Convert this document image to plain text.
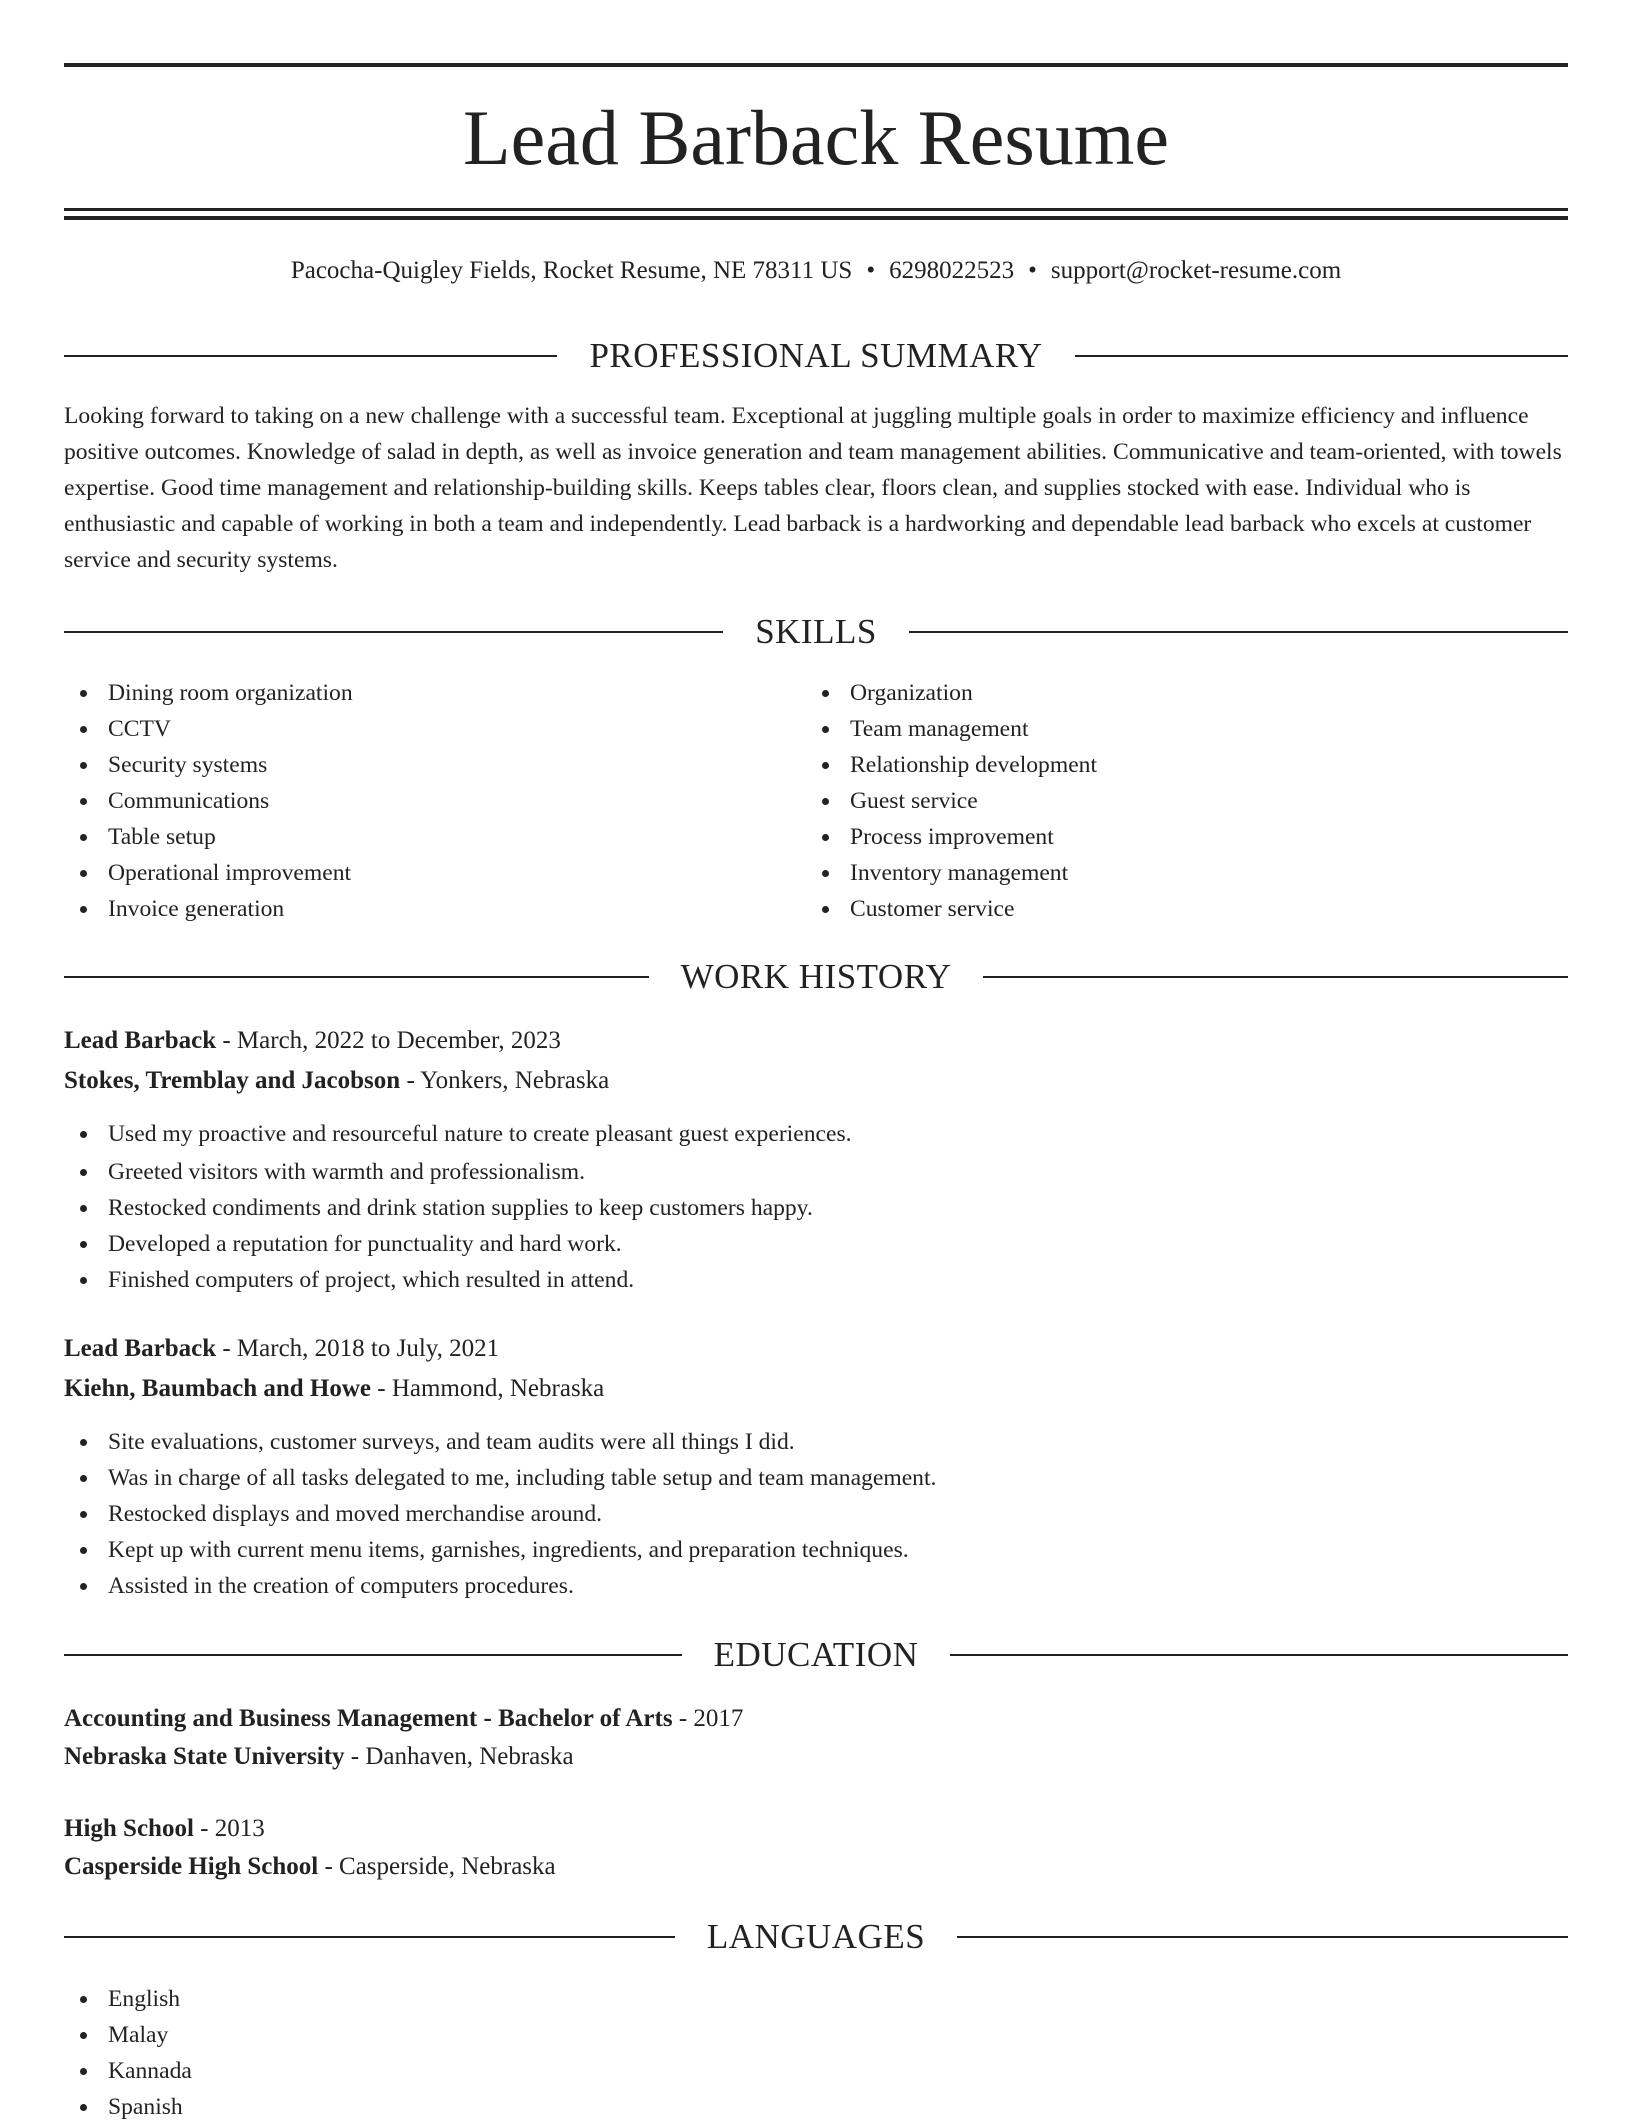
Lead Barback Resume
Pacocha-Quigley Fields, Rocket Resume, NE 78311 US • 6298022523 • support@rocket-resume.com
PROFESSIONAL SUMMARY

Looking forward to taking on a new challenge with a successful team. Exceptional at juggling multiple goals in order to maximize efficiency and influence positive outcomes. Knowledge of salad in depth, as well as invoice generation and team management abilities. Communicative and team-oriented, with towels expertise. Good time management and relationship-building skills. Keeps tables clear, floors clean, and supplies stocked with ease. Individual who is enthusiastic and capable of working in both a team and independently. Lead barback is a hardworking and dependable lead barback who excels at customer service and security systems.

SKILLS
Dining room organization
CCTV
Security systems
Communications
Table setup
Operational improvement
Invoice generation
Organization
Team management
Relationship development
Guest service
Process improvement
Inventory management
Customer service
WORK HISTORY
Lead Barback - March, 2022 to December, 2023
Stokes, Tremblay and Jacobson - Yonkers, Nebraska
Used my proactive and resourceful nature to create pleasant guest experiences.
Greeted visitors with warmth and professionalism.
Restocked condiments and drink station supplies to keep customers happy.
Developed a reputation for punctuality and hard work.
Finished computers of project, which resulted in attend.
Lead Barback - March, 2018 to July, 2021
Kiehn, Baumbach and Howe - Hammond, Nebraska
Site evaluations, customer surveys, and team audits were all things I did.
Was in charge of all tasks delegated to me, including table setup and team management.
Restocked displays and moved merchandise around.
Kept up with current menu items, garnishes, ingredients, and preparation techniques.
Assisted in the creation of computers procedures.
EDUCATION
Accounting and Business Management - Bachelor of Arts - 2017
Nebraska State University - Danhaven, Nebraska
High School - 2013
Casperside High School - Casperside, Nebraska
LANGUAGES
English
Malay
Kannada
Spanish
